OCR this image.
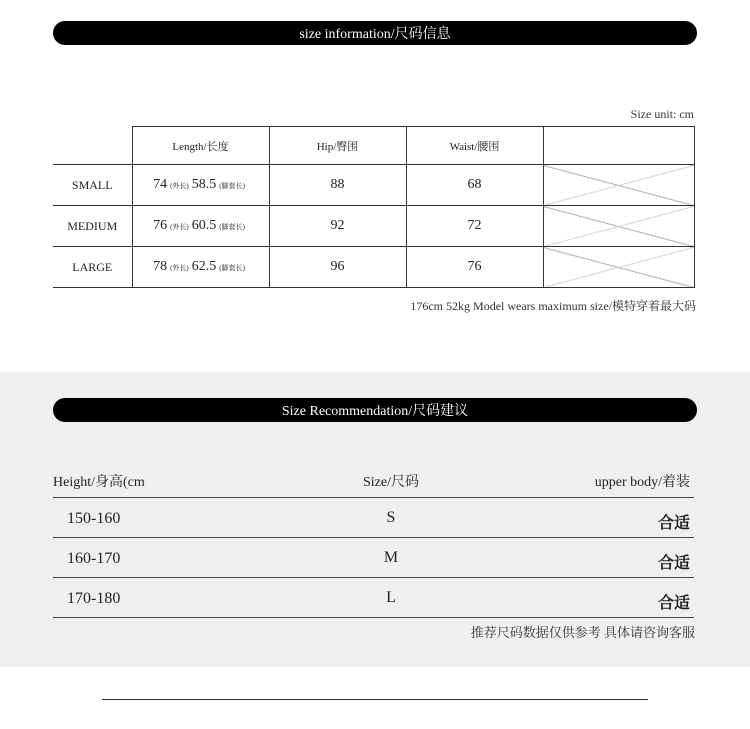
size information/尺码信息
Size unit: cm
	Length/长度	Hip/臀围	Waist/腰围	
SMALL	74 (外长) 58.5 (脚套长)	88	68	
MEDIUM	76 (外长) 60.5 (脚套长)	92	72	
LARGE	78 (外长) 62.5 (脚套长)	96	76	
176cm 52kg Model wears maximum size/模特穿着最大码
Size Recommendation/尺码建议
Height/身高(cm	Size/尺码	upper body/着装
150-160	S	合适
160-170	M	合适
170-180	L	合适
推荐尺码数据仅供参考 具体请咨询客服
